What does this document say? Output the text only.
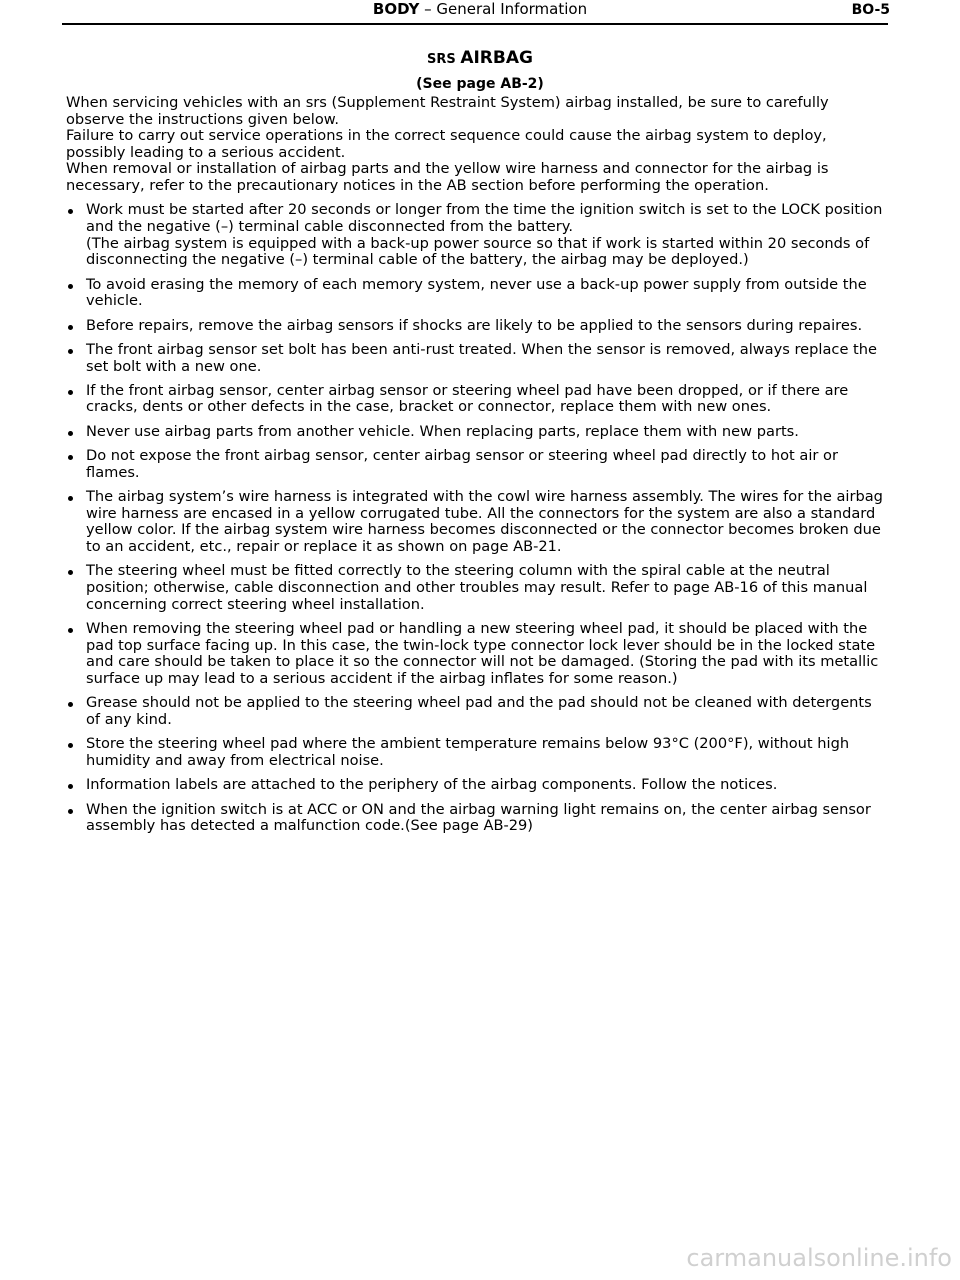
BODY – General Information	BO-5
SRS AIRBAG
(See page AB-2)

When servicing vehicles with an srs (Supplement Restraint System) airbag installed, be sure to carefully observe the instructions given below.

Failure to carry out service operations in the correct sequence could cause the airbag system to deploy, possibly leading to a serious accident.

When removal or installation of airbag parts and the yellow wire harness and connector for the airbag is necessary, refer to the precautionary notices in the AB section before performing the operation.

Work must be started after 20 seconds or longer from the time the ignition switch is set to the LOCK position and the negative (–) terminal cable disconnected from the battery.
(The airbag system is equipped with a back-up power source so that if work is started within 20 seconds of disconnecting the negative (–) terminal cable of the battery, the airbag may be deployed.)
To avoid erasing the memory of each memory system, never use a back-up power supply from outside the vehicle.
Before repairs, remove the airbag sensors if shocks are likely to be applied to the sensors during repaires.
The front airbag sensor set bolt has been anti-rust treated. When the sensor is removed, always replace the set bolt with a new one.
If the front airbag sensor, center airbag sensor or steering wheel pad have been dropped, or if there are cracks, dents or other defects in the case, bracket or connector, replace them with new ones.
Never use airbag parts from another vehicle. When replacing parts, replace them with new parts.
Do not expose the front airbag sensor, center airbag sensor or steering wheel pad directly to hot air or flames.
The airbag system’s wire harness is integrated with the cowl wire harness assembly. The wires for the airbag wire harness are encased in a yellow corrugated tube. All the connectors for the system are also a standard yellow color. If the airbag system wire harness becomes disconnected or the connector becomes broken due to an accident, etc., repair or replace it as shown on page AB-21.
The steering wheel must be fitted correctly to the steering column with the spiral cable at the neutral position; otherwise, cable disconnection and other troubles may result. Refer to page AB-16 of this manual concerning correct steering wheel installation.
When removing the steering wheel pad or handling a new steering wheel pad, it should be placed with the pad top surface facing up. In this case, the twin-lock type connector lock lever should be in the locked state and care should be taken to place it so the connector will not be damaged. (Storing the pad with its metallic surface up may lead to a serious accident if the airbag inflates for some reason.)
Grease should not be applied to the steering wheel pad and the pad should not be cleaned with detergents of any kind.
Store the steering wheel pad where the ambient temperature remains below 93°C (200°F), without high humidity and away from electrical noise.
Information labels are attached to the periphery of the airbag components. Follow the notices.
When the ignition switch is at ACC or ON and the airbag warning light remains on, the center airbag sensor assembly has detected a malfunction code.(See page AB-29)
carmanualsonline.info
